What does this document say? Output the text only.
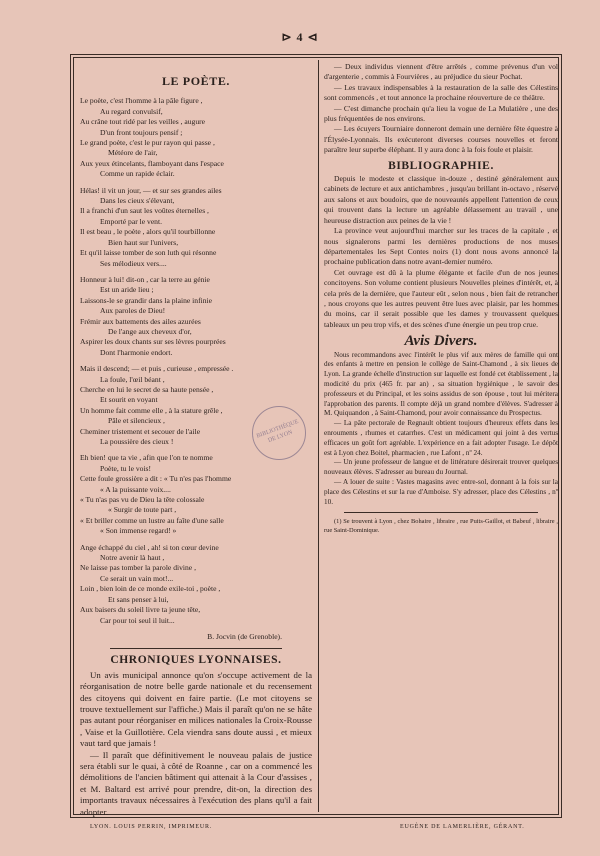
⊳ 4 ⊲
LE POÈTE.

Le poète, c'est l'homme à la pâle figure ,

Au regard convulsif,

Au crâne tout ridé par les veilles , augure

D'un front toujours pensif ;

Le grand poète, c'est le pur rayon qui passe ,

Météore de l'air,

Aux yeux étincelants, flamboyant dans l'espace

Comme un rapide éclair.

Hélas! il vit un jour, — et sur ses grandes ailes

Dans les cieux s'élevant,

Il a franchi d'un saut les voûtes éternelles ,

Emporté par le vent.

Il est beau , le poète , alors qu'il tourbillonne

Bien haut sur l'univers,

Et qu'il laisse tomber de son luth qui résonne

Ses mélodieux vers....

Honneur à lui! dit-on , car la terre au génie

Est un aride lieu ;

Laissons-le se grandir dans la plaine infinie

Aux paroles de Dieu!

Frémir aux battements des ailes azurées

De l'ange aux cheveux d'or,

Aspirer les doux chants sur ses lèvres pourprées

Dont l'harmonie endort.

Mais il descend; — et puis , curieuse , empressée .

La foule, l'œil béant ,

Cherche en lui le secret de sa haute pensée ,

Et sourit en voyant

Un homme fait comme elle , à la stature grêle ,

Pâle et silencieux ,

Cheminer tristement et secouer de l'aile

La poussière des cieux !

Eh bien! que ta vie , afin que l'on te nomme

Poète, tu le vois!

Cette foule grossière a dit : « Tu n'es pas l'homme

« A la puissante voix....

« Tu n'as pas vu de Dieu la tête colossale

« Surgir de toute part ,

« Et briller comme un lustre au faîte d'une salle

« Son immense regard! »

Ange échappé du ciel , ah! si ton cœur devine

Notre avenir là haut ,

Ne laisse pas tomber la parole divine ,

Ce serait un vain mot!...

Loin , bien loin de ce monde exile-toi , poète ,

Et sans penser à lui,

Aux baisers du soleil livre ta jeune tête,

Car pour toi seul il luit...

B. Jocvin (de Grenoble).

CHRONIQUES LYONNAISES.

Un avis municipal annonce qu'on s'occupe activement de la réorganisation de notre belle garde nationale et du recensement des citoyens qui doivent en faire partie. (Le mot citoyens se trouve textuellement sur l'affiche.) Mais il paraît qu'on ne se hâte pas autant pour réorganiser en milices nationales la Croix-Rousse , Vaise et la Guillotière. Cela viendra sans doute aussi , et mieux vaut tard que jamais !

— Il paraît que définitivement le nouveau palais de justice sera établi sur le quai, à côté de Roanne , car on a commencé les démolitions de l'ancien bâtiment qui attenait à la Cour d'assises , et M. Baltard est arrivé pour prendre, dit-on, la direction des importants travaux nécessaires à l'exécution des plans qu'il a fait adopter.

— Deux individus viennent d'être arrêtés , comme prévenus d'un vol d'argenterie , commis à Fourvières , au préjudice du sieur Pochat.

— Les travaux indispensables à la restauration de la salle des Célestins sont commencés , et tout annonce la prochaine réouverture de ce théâtre.

— C'est dimanche prochain qu'a lieu la vogue de La Mulatière , une des plus fréquentées de nos environs.

— Les écuyers Tourniaire donneront demain une dernière fête équestre à l'Élysée-Lyonnais. Ils exécuteront diverses courses nouvelles et feront paraître leur superbe éléphant. Il y aura donc à la fois foule et plaisir.

BIBLIOGRAPHIE.

Depuis le modeste et classique in-douze , destiné généralement aux cabinets de lecture et aux antichambres , jusqu'au brillant in-octavo , réservé aux salons et aux boudoirs, que de nouveautés appellent l'attention de ceux qui trouvent dans la lecture un agréable délassement au travail , une heureuse distraction aux peines de la vie !

La province veut aujourd'hui marcher sur les traces de la capitale , et nous signalerons parmi les dernières productions de nos muses départementales les Sept Contes noirs (1) dont nous avons annoncé la prochaine publication dans notre avant-dernier numéro.

Cet ouvrage est dû à la plume élégante et facile d'un de nos jeunes concitoyens. Son volume contient plusieurs Nouvelles pleines d'intérêt, et, à cela près de la dernière, que l'auteur eût , selon nous , bien fait de retrancher , nous croyons que les autres peuvent être lues avec plaisir, par les hommes du moins, car il serait possible que les dames y trouvassent quelques tableaux un peu trop vifs, et des scènes d'une énergie un peu trop crue.

Avis Divers.

Nous recommandons avec l'intérêt le plus vif aux mères de famille qui ont des enfants à mettre en pension le collège de Saint-Chamond , à six lieues de Lyon. La grande échelle d'instruction sur laquelle est fondé cet établissement , la modicité du prix (465 fr. par an) , sa situation hygiénique , le savoir des professeurs et du Principal, et les soins assidus de son épouse , tout lui méritera l'approbation des parents. Il compte déjà un grand nombre d'élèves. S'adresser à M. Quiquandon , à Saint-Chamond, pour avoir connaissance du Prospectus.

— La pâte pectorale de Regnault obtient toujours d'heureux effets dans les enrouments , rhumes et catarrhes. C'est un médicament qui joint à des vertus efficaces un goût fort agréable. L'expérience en a fait adopter l'usage. Le dépôt est à Lyon chez Boitel, pharmacien , rue Lafont , nº 24.

— Un jeune professeur de langue et de littérature désirerait trouver quelques nouveaux élèves. S'adresser au bureau du Journal.

— A louer de suite : Vastes magasins avec entre-sol, donnant à la fois sur la place des Célestins et sur la rue d'Amboise. S'y adresser, place des Célestins , nº 10.

(1) Se trouvent à Lyon , chez Bohaire , libraire , rue Puits-Gaillot, et Babeuf , libraire , rue Saint-Dominique.

BIBLIOTHÈQUE DE LYON
LYON. LOUIS PERRIN, IMPRIMEUR.	EUGÈNE DE LAMERLIÈRE, GÉRANT.
